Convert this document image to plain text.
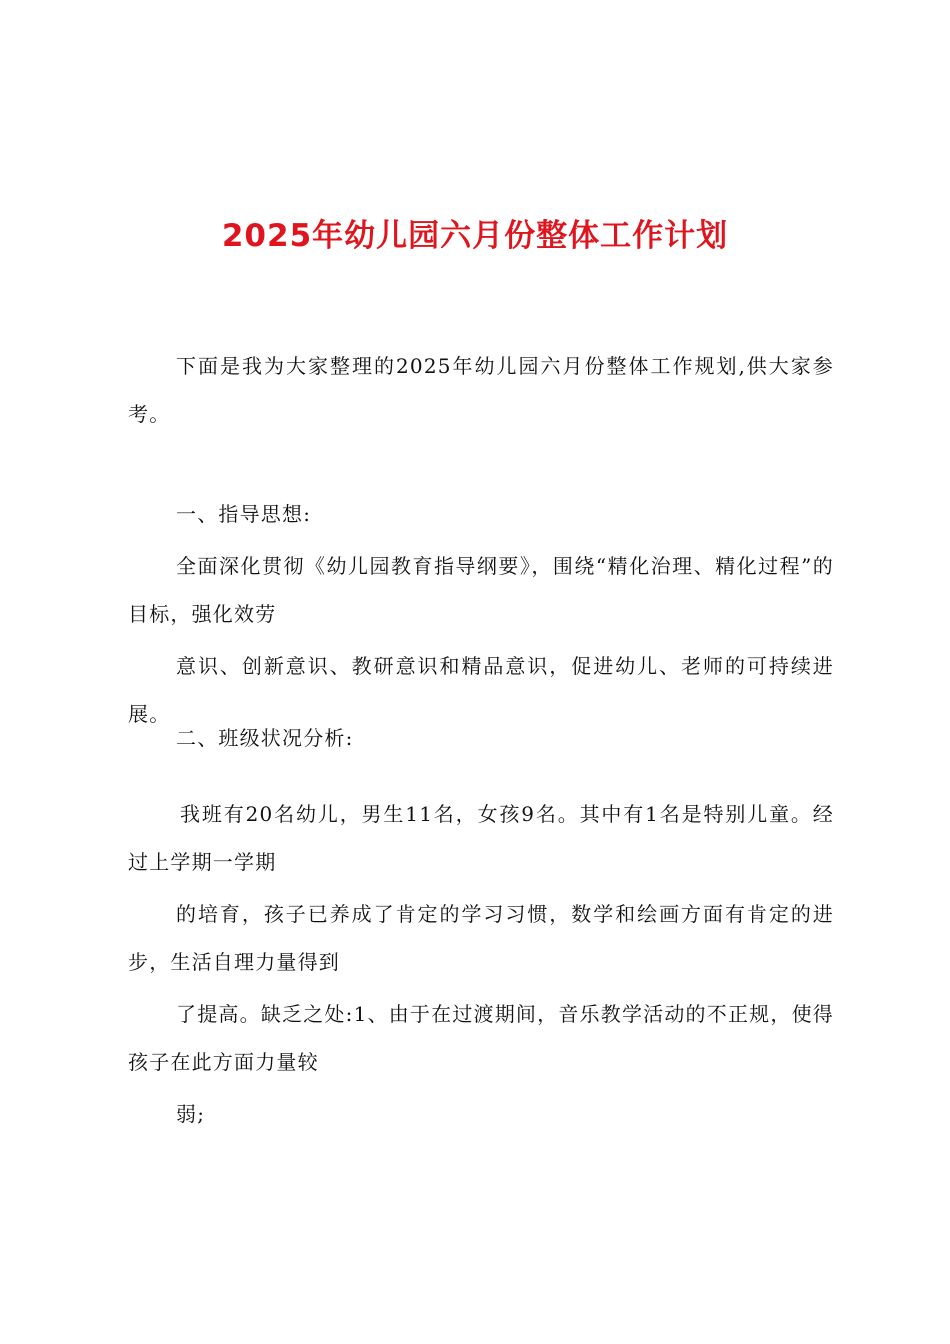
2025年幼儿园六月份整体工作计划

下面是我为大家整理的2025年幼儿园六月份整体工作规划,供大家参考。

一、指导思想:

全面深化贯彻《幼儿园教育指导纲要》，围绕“精化治理、精化过程”的目标，强化效劳

意识、创新意识、教研意识和精品意识，促进幼儿、老师的可持续进展。

二、班级状况分析:

我班有20名幼儿，男生11名，女孩9名。其中有1名是特别儿童。经过上学期一学期

的培育，孩子已养成了肯定的学习习惯，数学和绘画方面有肯定的进步，生活自理力量得到

了提高。缺乏之处:1、由于在过渡期间，音乐教学活动的不正规，使得孩子在此方面力量较

弱;
